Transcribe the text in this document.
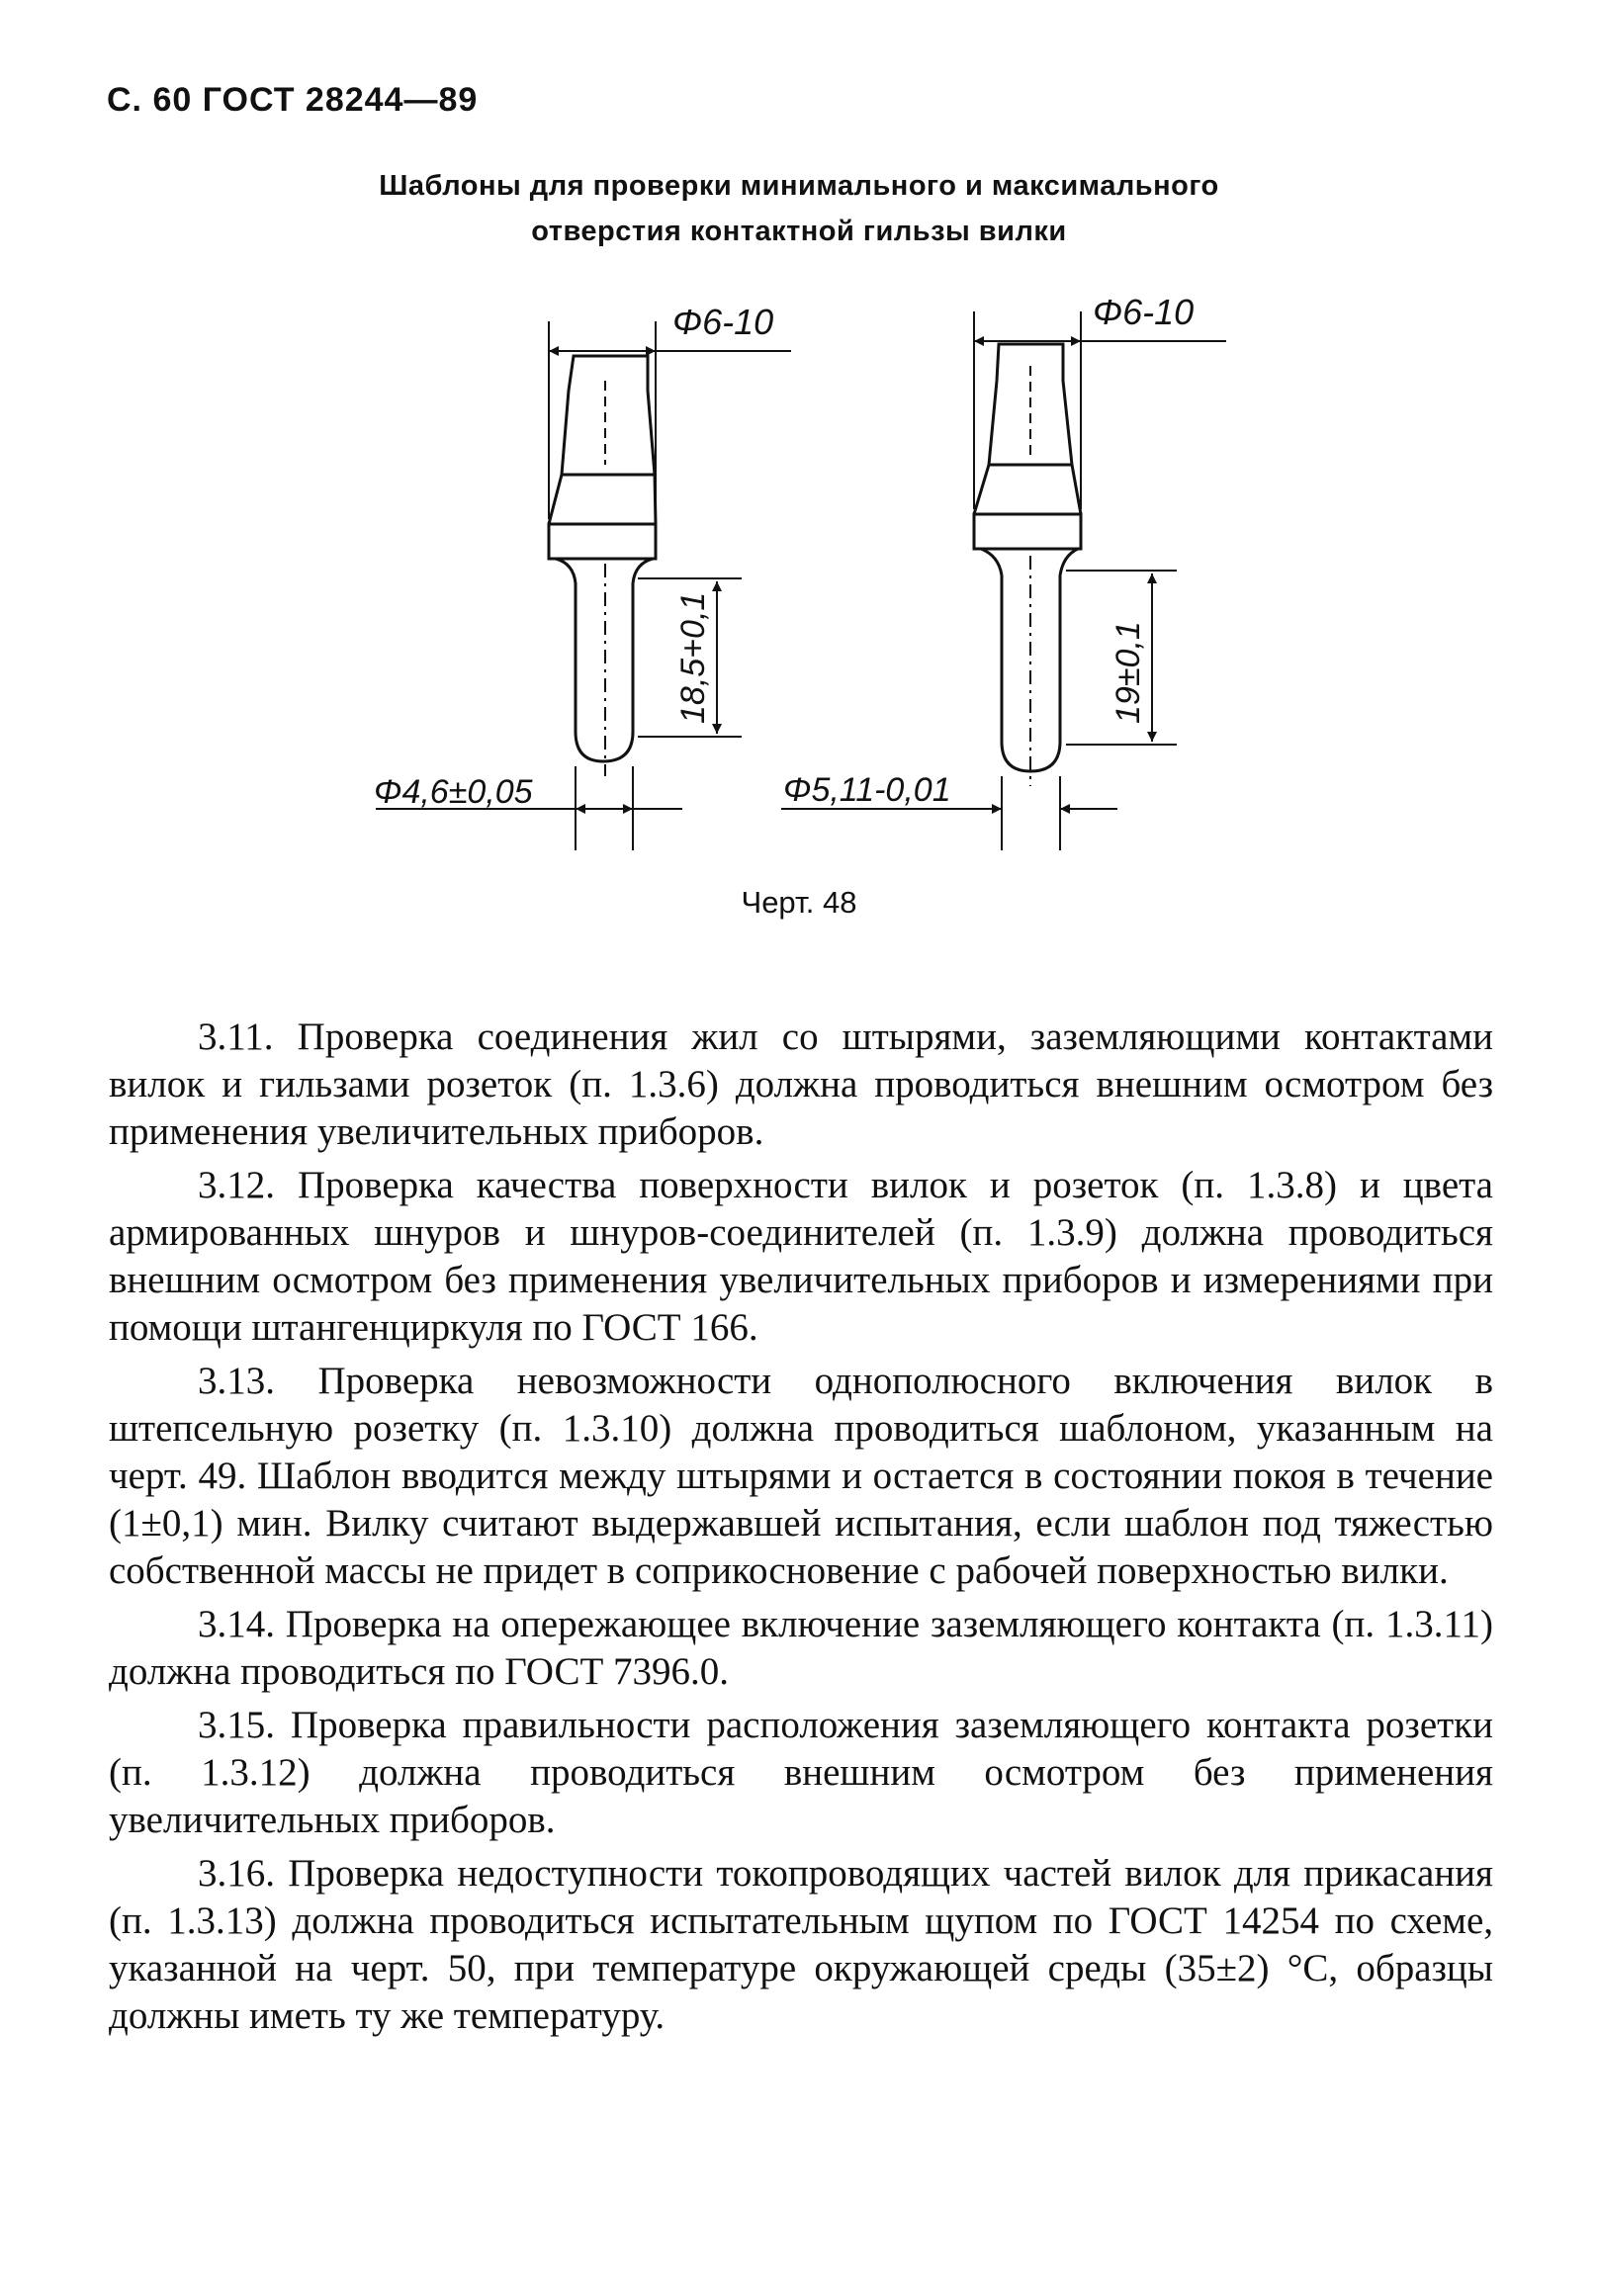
С. 60 ГОСТ 28244—89
Шаблоны для проверки минимального и максимального
отверстия контактной гильзы вилки
Φ6-10
18,5+0,1
Φ4,6±0,05
Φ6-10
19±0,1
Φ5,11-0,01
Черт. 48

3.11. Проверка соединения жил со штырями, заземляющими контактами вилок и гильзами розеток (п. 1.3.6) должна проводиться внешним осмотром без применения увеличительных приборов.

3.12. Проверка качества поверхности вилок и розеток (п. 1.3.8) и цвета армированных шнуров и шнуров-соединителей (п. 1.3.9) должна проводиться внешним осмотром без применения увеличительных приборов и измерениями при помощи штангенциркуля по ГОСТ 166.

3.13. Проверка невозможности однополюсного включения вилок в штепсельную розетку (п. 1.3.10) должна проводиться шаблоном, указанным на черт. 49. Шаблон вводится между штырями и остается в состоянии покоя в течение (1±0,1) мин. Вилку считают выдержавшей испытания, если шаблон под тяжестью собственной массы не придет в соприкосновение с рабочей поверхностью вилки.

3.14. Проверка на опережающее включение заземляющего контакта (п. 1.3.11) должна проводиться по ГОСТ 7396.0.

3.15. Проверка правильности расположения заземляющего контакта розетки (п. 1.3.12) должна проводиться внешним осмотром без применения увеличительных приборов.

3.16. Проверка недоступности токопроводящих частей вилок для прикасания (п. 1.3.13) должна проводиться испытательным щупом по ГОСТ 14254 по схеме, указанной на черт. 50, при температуре окружающей среды (35±2) °С, образцы должны иметь ту же температуру.
